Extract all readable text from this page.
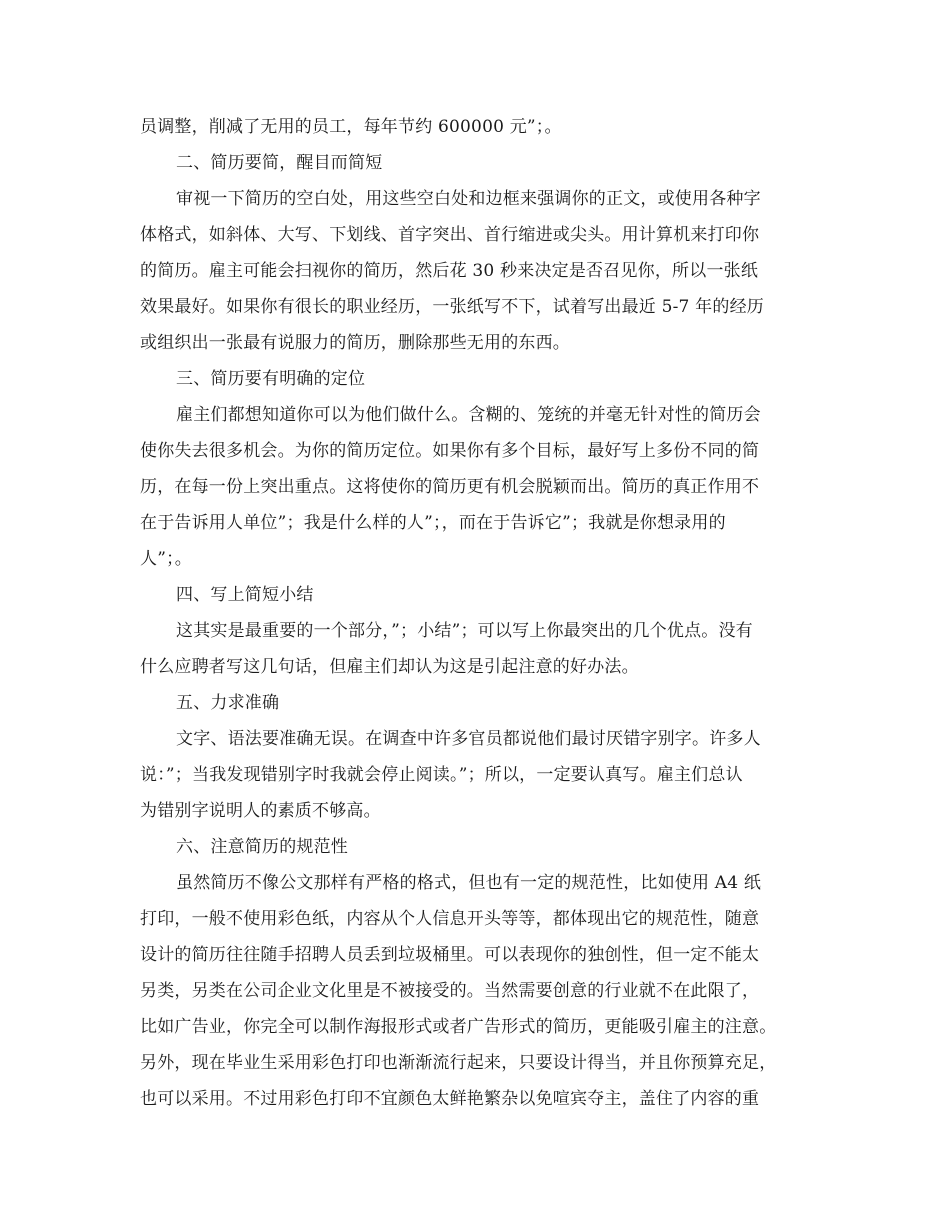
员调整，削减了无用的员工，每年节约 600000 元”；。
二、简历要简，醒目而简短
审视一下简历的空白处，用这些空白处和边框来强调你的正文，或使用各种字
体格式，如斜体、大写、下划线、首字突出、首行缩进或尖头。用计算机来打印你
的简历。雇主可能会扫视你的简历，然后花 30 秒来决定是否召见你，所以一张纸
效果最好。如果你有很长的职业经历，一张纸写不下，试着写出最近 5-7 年的经历
或组织出一张最有说服力的简历，删除那些无用的东西。
三、简历要有明确的定位
雇主们都想知道你可以为他们做什么。含糊的、笼统的并毫无针对性的简历会
使你失去很多机会。为你的简历定位。如果你有多个目标，最好写上多份不同的简
历，在每一份上突出重点。这将使你的简历更有机会脱颖而出。简历的真正作用不
在于告诉用人单位”；我是什么样的人”；，而在于告诉它”；我就是你想录用的
人”；。
四、写上简短小结
这其实是最重要的一个部分，”；小结”；可以写上你最突出的几个优点。没有
什么应聘者写这几句话，但雇主们却认为这是引起注意的好办法。
五、力求准确
文字、语法要准确无误。在调查中许多官员都说他们最讨厌错字别字。许多人
说：”；当我发现错别字时我就会停止阅读。”；所以，一定要认真写。雇主们总认
为错别字说明人的素质不够高。
六、注意简历的规范性
虽然简历不像公文那样有严格的格式，但也有一定的规范性，比如使用 A4 纸
打印，一般不使用彩色纸，内容从个人信息开头等等，都体现出它的规范性，随意
设计的简历往往随手招聘人员丢到垃圾桶里。可以表现你的独创性，但一定不能太
另类，另类在公司企业文化里是不被接受的。当然需要创意的行业就不在此限了，
比如广告业，你完全可以制作海报形式或者广告形式的简历，更能吸引雇主的注意。
另外，现在毕业生采用彩色打印也渐渐流行起来，只要设计得当，并且你预算充足，
也可以采用。不过用彩色打印不宜颜色太鲜艳繁杂以免喧宾夺主，盖住了内容的重
